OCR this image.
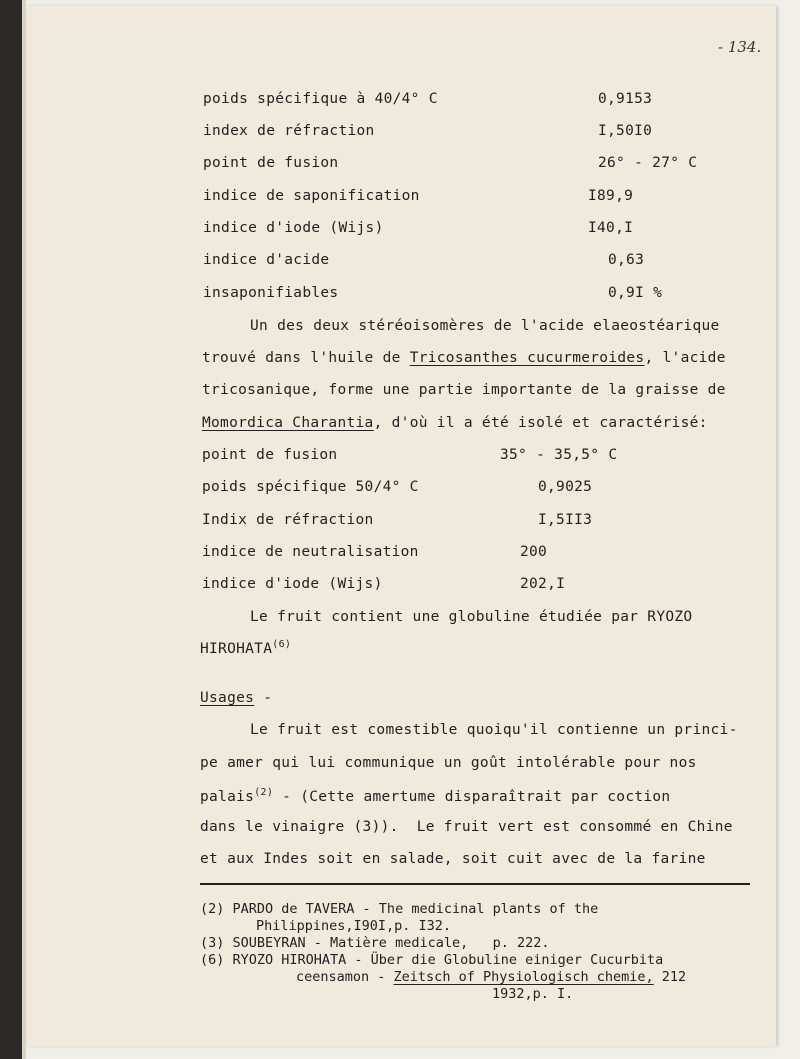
- 134.
poids spécifique à 40/4° C	0,9153
index de réfraction	I,50I0
point de fusion	26° - 27° C
indice de saponification	I89,9
indice d'iode (Wijs)	I40,I
indice d'acide	0,63
insaponifiables	0,9I %
Un des deux stéréoisomères de l'acide elaeostéarique
trouvé dans l'huile de Tricosanthes cucurmeroides, l'acide
tricosanique, forme une partie importante de la graisse de
Momordica Charantia, d'où il a été isolé et caractérisé:
point de fusion	35° - 35,5° C
poids spécifique 50/4° C	0,9025
Indix de réfraction	I,5II3
indice de neutralisation	200
indice d'iode (Wijs)	202,I
Le fruit contient une globuline étudiée par RYOZO
HIROHATA$^{(6)}$
Usages -
Le fruit est comestible quoiqu'il contienne un princi-
pe amer qui lui communique un goût intolérable pour nos
palais$^{(2)}$ - (Cette amertume disparaîtrait par coction
dans le vinaigre (3)).  Le fruit vert est consommé en Chine
et aux Indes soit en salade, soit cuit avec de la farine
(2) PARDO de TAVERA - The medicinal plants of the
Philippines,I90I,p. I32.
(3) SOUBEYRAN - Matière medicale,   p. 222.
(6) RYOZO HIROHATA - Über die Globuline einiger Cucurbita
ceensamon - Zeitsch of Physiologisch chemie, 212
1932,p. I.
